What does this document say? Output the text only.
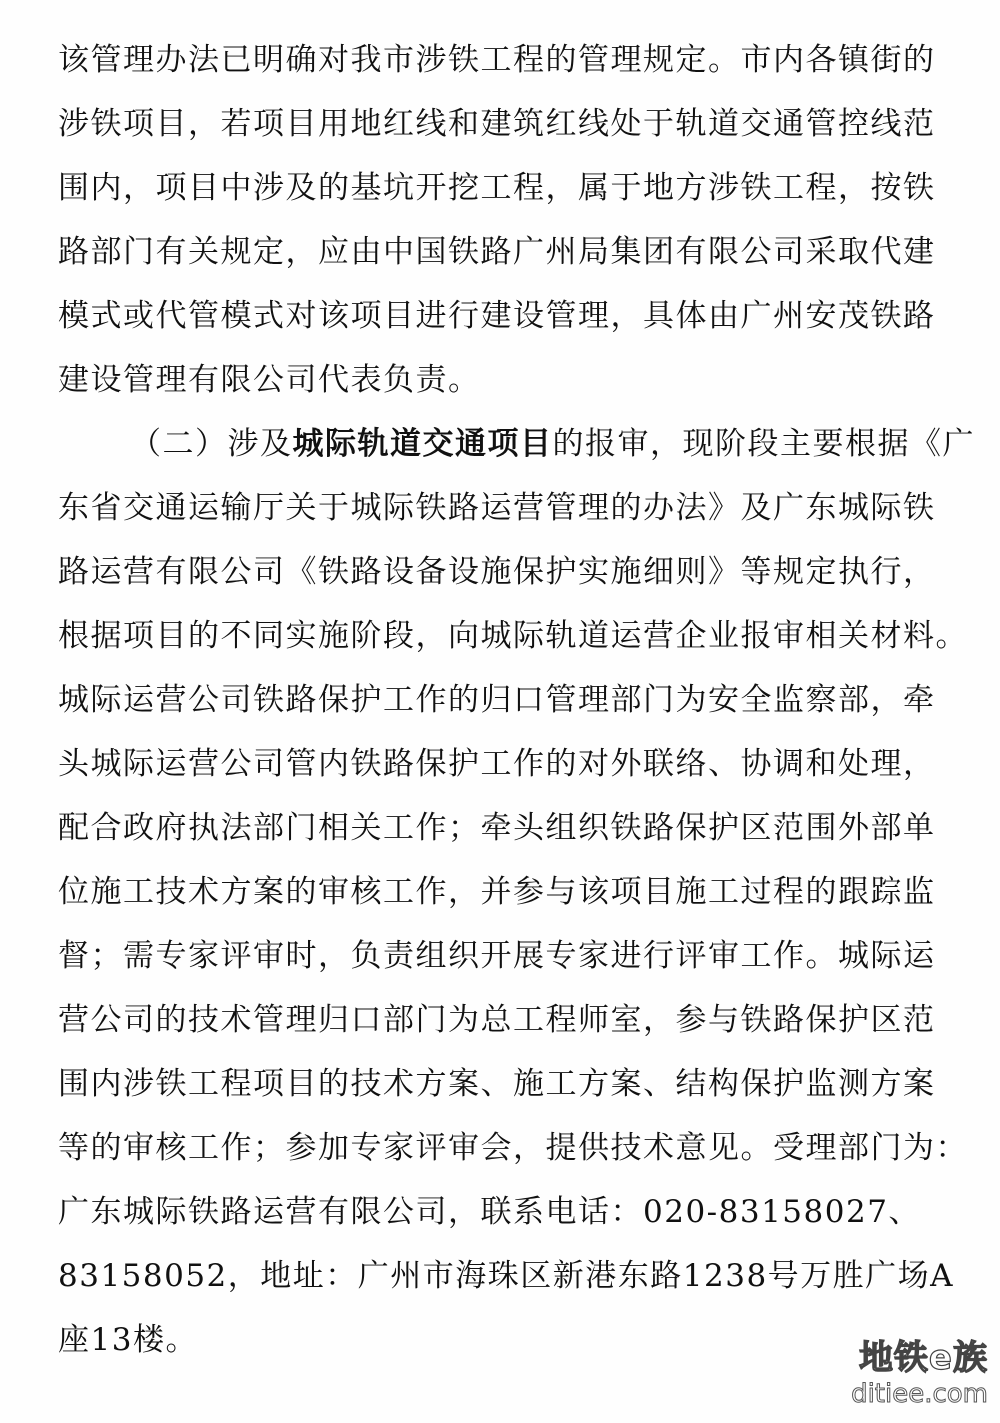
该管理办法已明确对我市涉铁工程的管理规定。市内各镇街的
涉铁项目，若项目用地红线和建筑红线处于轨道交通管控线范
围内，项目中涉及的基坑开挖工程，属于地方涉铁工程，按铁
路部门有关规定，应由中国铁路广州局集团有限公司采取代建
模式或代管模式对该项目进行建设管理，具体由广州安茂铁路
建设管理有限公司代表负责。
（二）涉及城际轨道交通项目的报审，现阶段主要根据《广
东省交通运输厅关于城际铁路运营管理的办法》及广东城际铁
路运营有限公司《铁路设备设施保护实施细则》等规定执行，
根据项目的不同实施阶段，向城际轨道运营企业报审相关材料。
城际运营公司铁路保护工作的归口管理部门为安全监察部，牵
头城际运营公司管内铁路保护工作的对外联络、协调和处理，
配合政府执法部门相关工作；牵头组织铁路保护区范围外部单
位施工技术方案的审核工作，并参与该项目施工过程的跟踪监
督；需专家评审时，负责组织开展专家进行评审工作。城际运
营公司的技术管理归口部门为总工程师室，参与铁路保护区范
围内涉铁工程项目的技术方案、施工方案、结构保护监测方案
等的审核工作；参加专家评审会，提供技术意见。受理部门为：
广东城际铁路运营有限公司，联系电话：020-83158027、
83158052，地址：广州市海珠区新港东路1238号万胜广场A
座13楼。	地铁e族
ditiee.com
